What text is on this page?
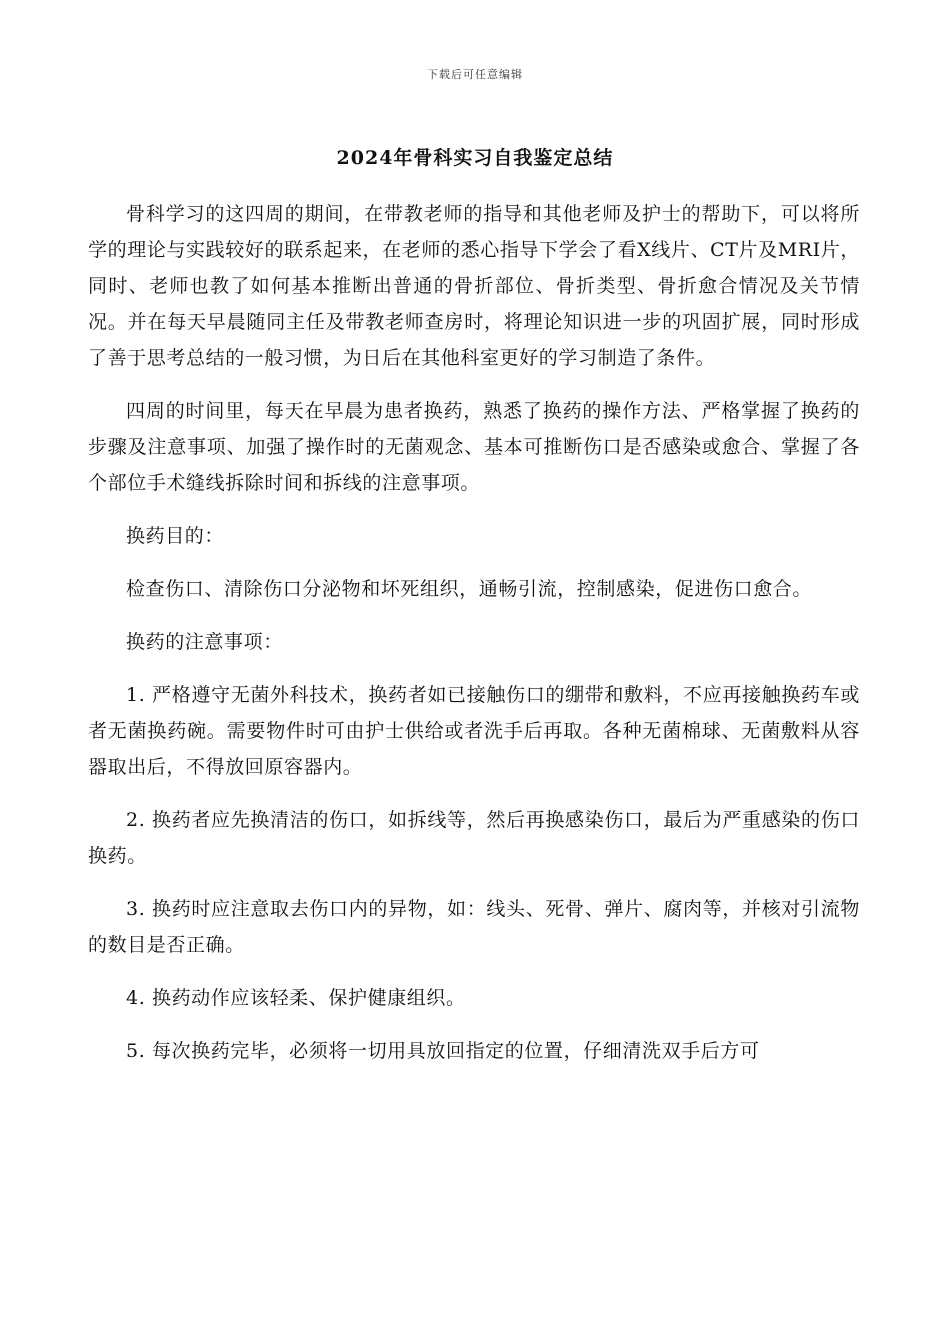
下载后可任意编辑
2024年骨科实习自我鉴定总结

骨科学习的这四周的期间，在带教老师的指导和其他老师及护士的帮助下，可以将所学的理论与实践较好的联系起来，在老师的悉心指导下学会了看X线片、CT片及MRI片，同时、老师也教了如何基本推断出普通的骨折部位、骨折类型、骨折愈合情况及关节情况。并在每天早晨随同主任及带教老师查房时，将理论知识进一步的巩固扩展，同时形成了善于思考总结的一般习惯，为日后在其他科室更好的学习制造了条件。

四周的时间里，每天在早晨为患者换药，熟悉了换药的操作方法、严格掌握了换药的步骤及注意事项、加强了操作时的无菌观念、基本可推断伤口是否感染或愈合、掌握了各个部位手术缝线拆除时间和拆线的注意事项。

换药目的：

检查伤口、清除伤口分泌物和坏死组织，通畅引流，控制感染，促进伤口愈合。

换药的注意事项：

1. 严格遵守无菌外科技术，换药者如已接触伤口的绷带和敷料，不应再接触换药车或者无菌换药碗。需要物件时可由护士供给或者洗手后再取。各种无菌棉球、无菌敷料从容器取出后，不得放回原容器内。

2. 换药者应先换清洁的伤口，如拆线等，然后再换感染伤口，最后为严重感染的伤口换药。

3. 换药时应注意取去伤口内的异物，如：线头、死骨、弹片、腐肉等，并核对引流物的数目是否正确。

4. 换药动作应该轻柔、保护健康组织。

5. 每次换药完毕，必须将一切用具放回指定的位置，仔细清洗双手后方可
